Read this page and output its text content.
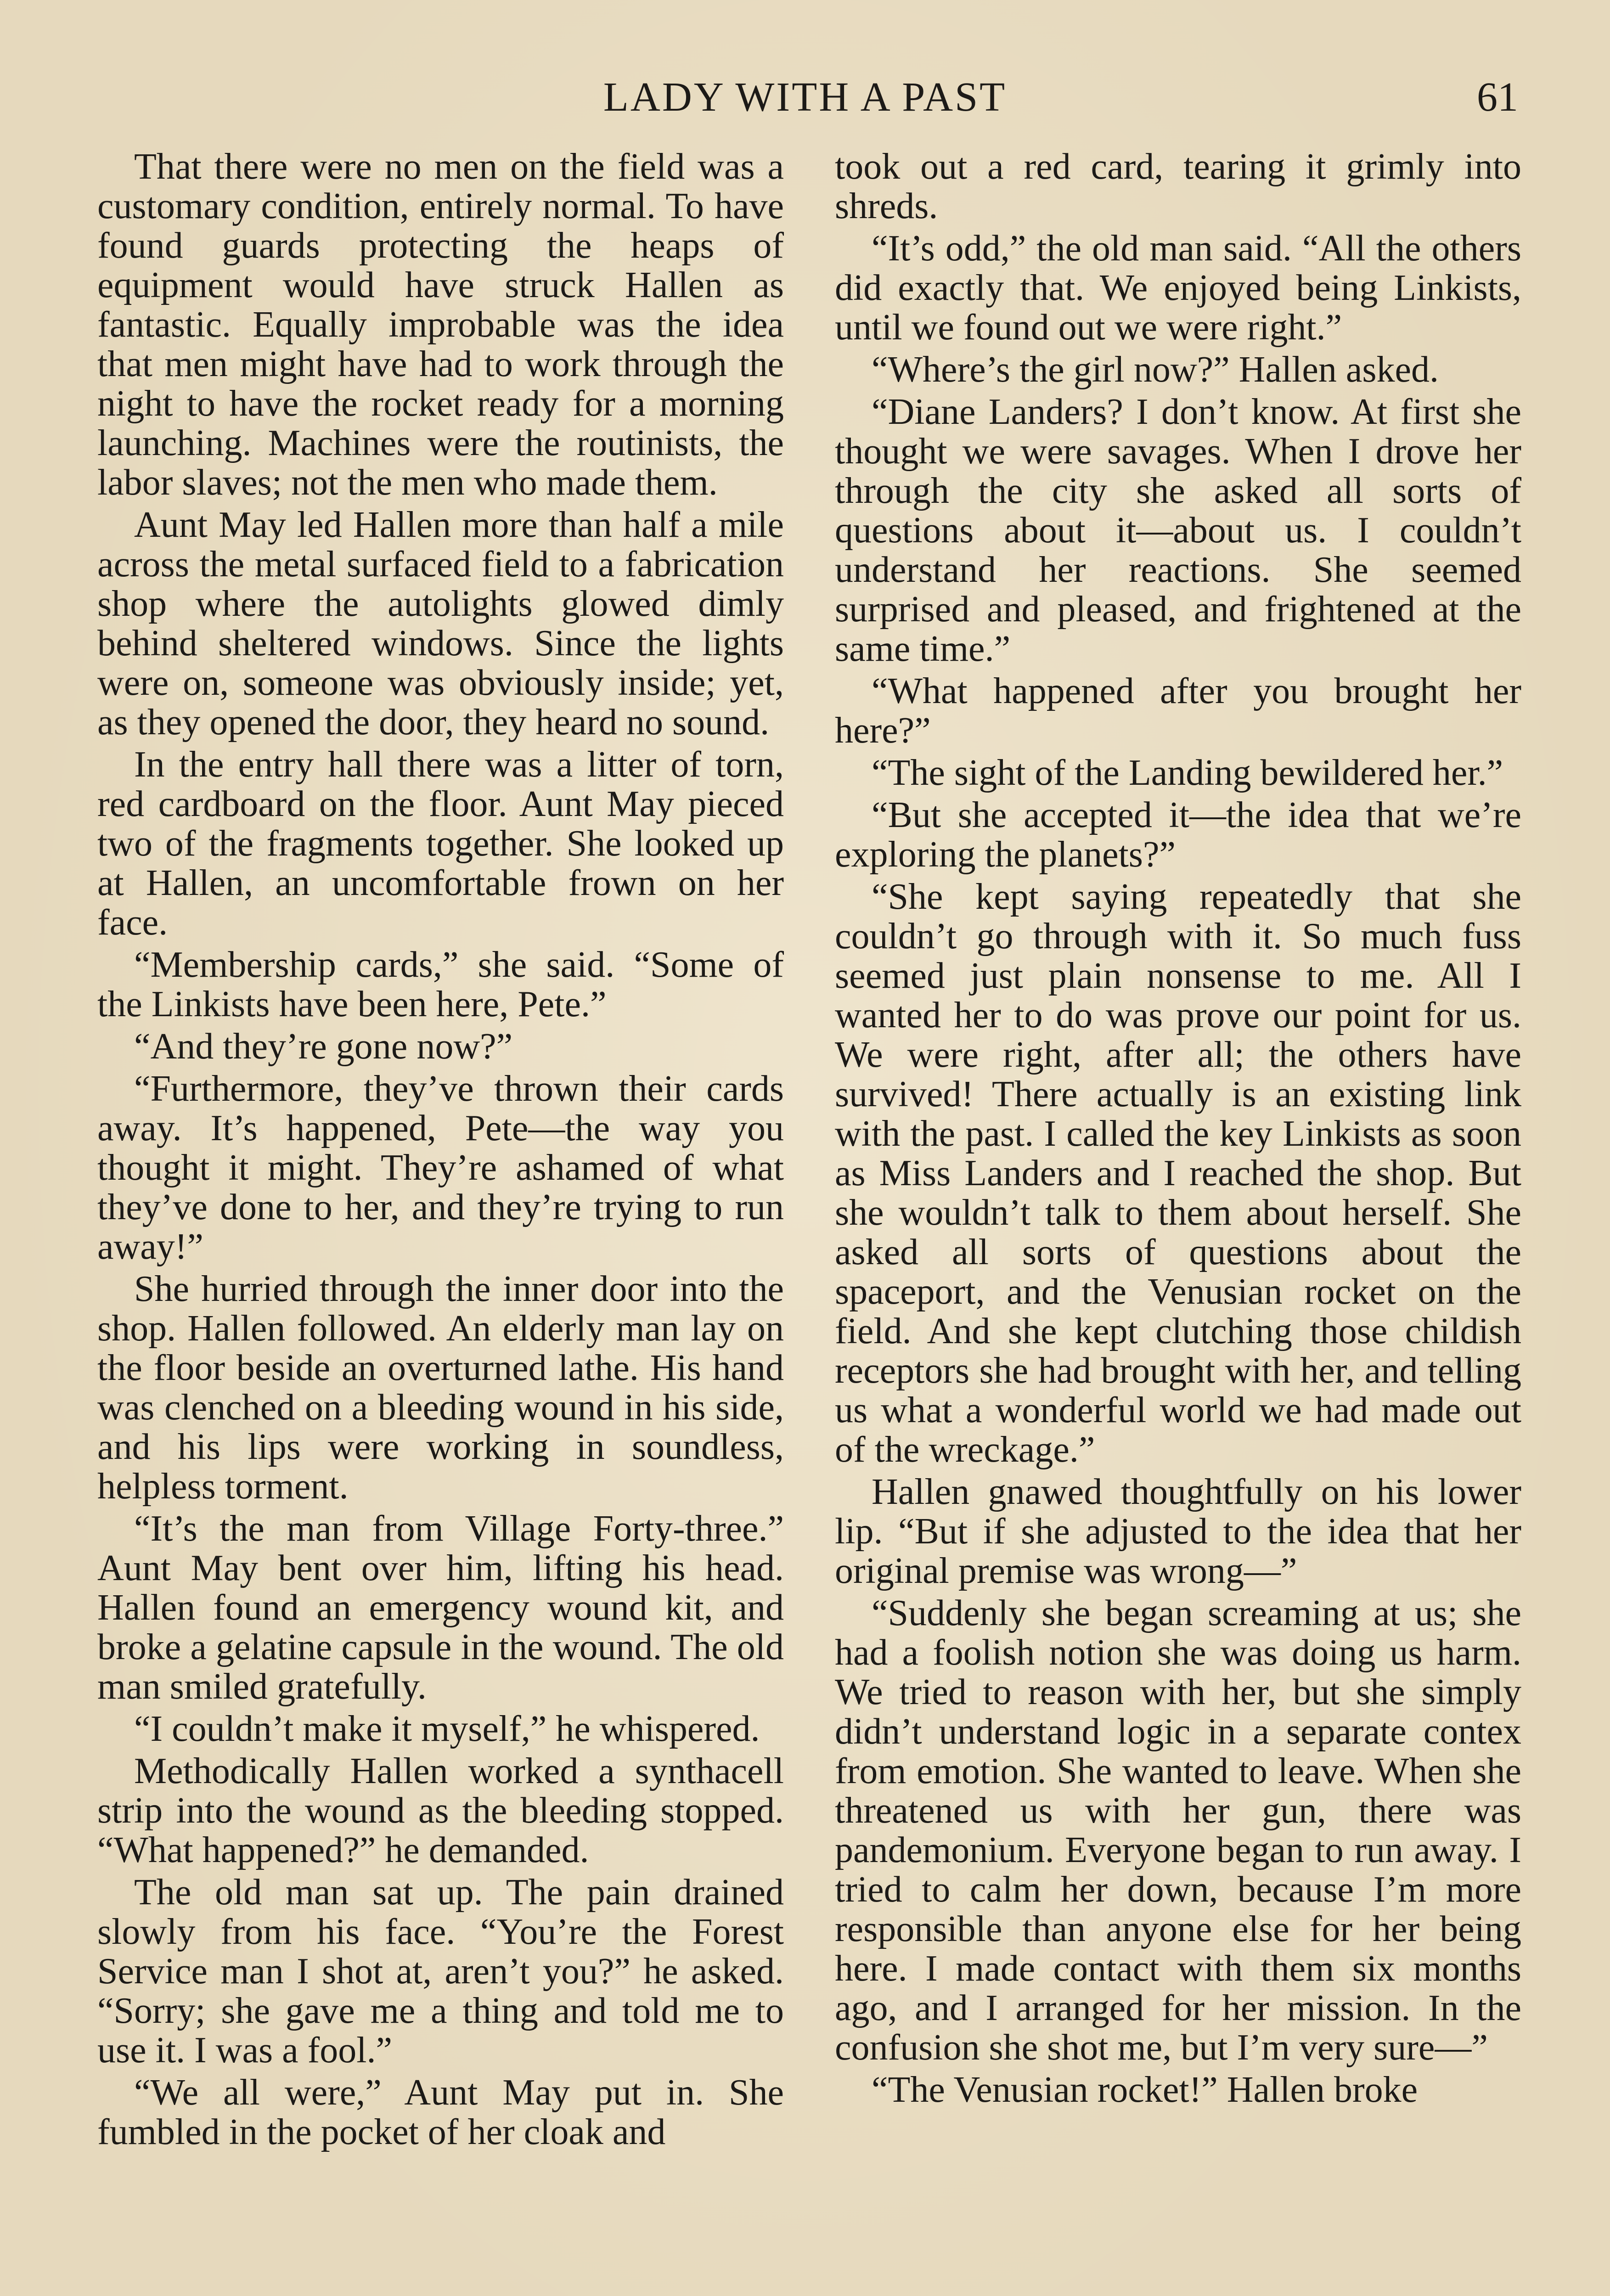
LADY WITH A PAST	61

That there were no men on the field was a customary condition, entirely normal. To have found guards protecting the heaps of equipment would have struck Hallen as fantastic. Equally improbable was the idea that men might have had to work through the night to have the rocket ready for a morning launching. Machines were the routinists, the labor slaves; not the men who made them.

Aunt May led Hallen more than half a mile across the metal surfaced field to a fabrication shop where the autolights glowed dimly behind sheltered windows. Since the lights were on, someone was obviously inside; yet, as they opened the door, they heard no sound.

In the entry hall there was a litter of torn, red cardboard on the floor. Aunt May pieced two of the fragments together. She looked up at Hallen, an uncomfortable frown on her face.

“Membership cards,” she said. “Some of the Linkists have been here, Pete.”

“And they’re gone now?”

“Furthermore, they’ve thrown their cards away. It’s happened, Pete—the way you thought it might. They’re ashamed of what they’ve done to her, and they’re trying to run away!”

She hurried through the inner door into the shop. Hallen followed. An elderly man lay on the floor beside an overturned lathe. His hand was clenched on a bleeding wound in his side, and his lips were working in soundless, helpless torment.

“It’s the man from Village Forty-three.” Aunt May bent over him, lifting his head. Hallen found an emergency wound kit, and broke a gelatine capsule in the wound. The old man smiled gratefully.

“I couldn’t make it myself,” he whispered.

Methodically Hallen worked a synthacell strip into the wound as the bleeding stopped. “What happened?” he demanded.

The old man sat up. The pain drained slowly from his face. “You’re the Forest Service man I shot at, aren’t you?” he asked. “Sorry; she gave me a thing and told me to use it. I was a fool.”

“We all were,” Aunt May put in. She fumbled in the pocket of her cloak and

took out a red card, tearing it grimly into shreds.

“It’s odd,” the old man said. “All the others did exactly that. We enjoyed being Linkists, until we found out we were right.”

“Where’s the girl now?” Hallen asked.

“Diane Landers? I don’t know. At first she thought we were savages. When I drove her through the city she asked all sorts of questions about it—about us. I couldn’t understand her reactions. She seemed surprised and pleased, and frightened at the same time.”

“What happened after you brought her here?”

“The sight of the Landing bewildered her.”

“But she accepted it—the idea that we’re exploring the planets?”

“She kept saying repeatedly that she couldn’t go through with it. So much fuss seemed just plain nonsense to me. All I wanted her to do was prove our point for us. We were right, after all; the others have survived! There actually is an existing link with the past. I called the key Linkists as soon as Miss Landers and I reached the shop. But she wouldn’t talk to them about herself. She asked all sorts of questions about the spaceport, and the Venusian rocket on the field. And she kept clutching those childish receptors she had brought with her, and telling us what a wonderful world we had made out of the wreckage.”

Hallen gnawed thoughtfully on his lower lip. “But if she adjusted to the idea that her original premise was wrong—”

“Suddenly she began screaming at us; she had a foolish notion she was doing us harm. We tried to reason with her, but she simply didn’t understand logic in a separate contex from emotion. She wanted to leave. When she threatened us with her gun, there was pandemonium. Everyone began to run away. I tried to calm her down, because I’m more responsible than anyone else for her being here. I made contact with them six months ago, and I arranged for her mission. In the confusion she shot me, but I’m very sure—”

“The Venusian rocket!” Hallen broke
